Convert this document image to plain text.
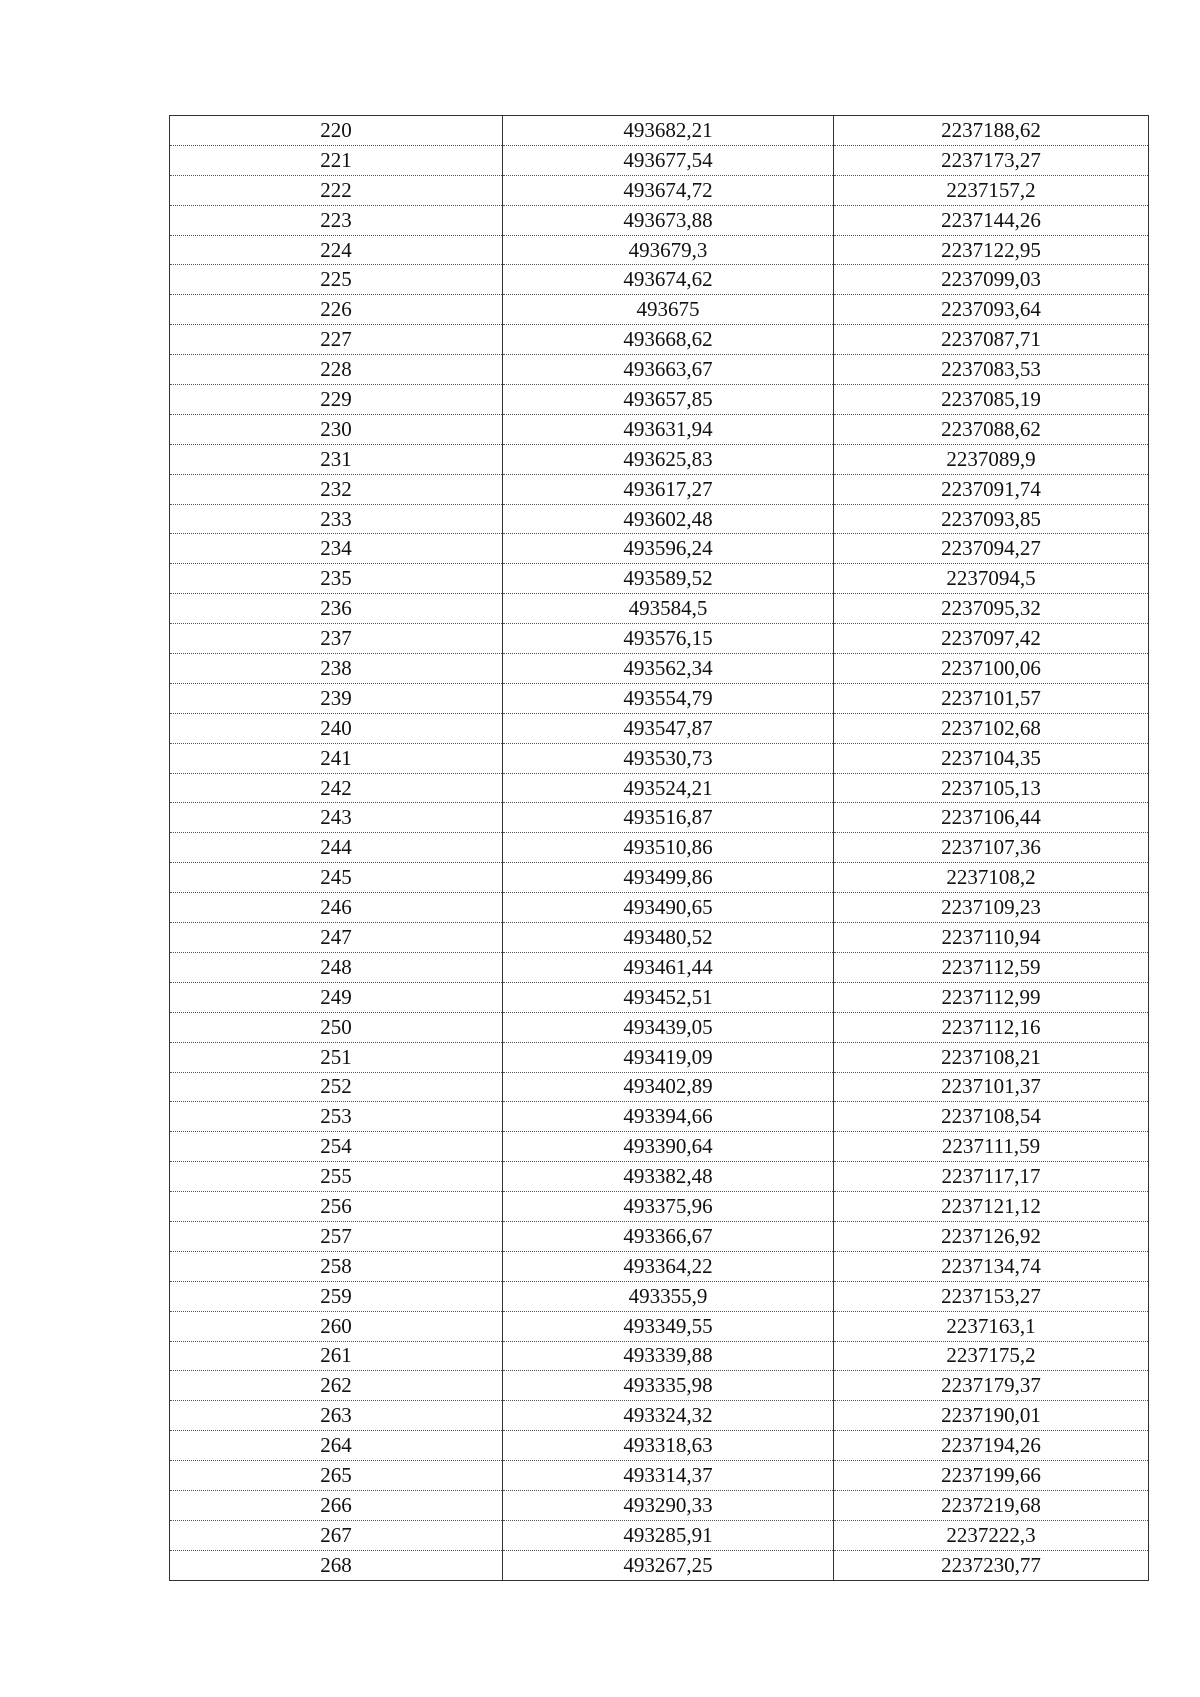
220	493682,21	2237188,62
221	493677,54	2237173,27
222	493674,72	2237157,2
223	493673,88	2237144,26
224	493679,3	2237122,95
225	493674,62	2237099,03
226	493675	2237093,64
227	493668,62	2237087,71
228	493663,67	2237083,53
229	493657,85	2237085,19
230	493631,94	2237088,62
231	493625,83	2237089,9
232	493617,27	2237091,74
233	493602,48	2237093,85
234	493596,24	2237094,27
235	493589,52	2237094,5
236	493584,5	2237095,32
237	493576,15	2237097,42
238	493562,34	2237100,06
239	493554,79	2237101,57
240	493547,87	2237102,68
241	493530,73	2237104,35
242	493524,21	2237105,13
243	493516,87	2237106,44
244	493510,86	2237107,36
245	493499,86	2237108,2
246	493490,65	2237109,23
247	493480,52	2237110,94
248	493461,44	2237112,59
249	493452,51	2237112,99
250	493439,05	2237112,16
251	493419,09	2237108,21
252	493402,89	2237101,37
253	493394,66	2237108,54
254	493390,64	2237111,59
255	493382,48	2237117,17
256	493375,96	2237121,12
257	493366,67	2237126,92
258	493364,22	2237134,74
259	493355,9	2237153,27
260	493349,55	2237163,1
261	493339,88	2237175,2
262	493335,98	2237179,37
263	493324,32	2237190,01
264	493318,63	2237194,26
265	493314,37	2237199,66
266	493290,33	2237219,68
267	493285,91	2237222,3
268	493267,25	2237230,77
